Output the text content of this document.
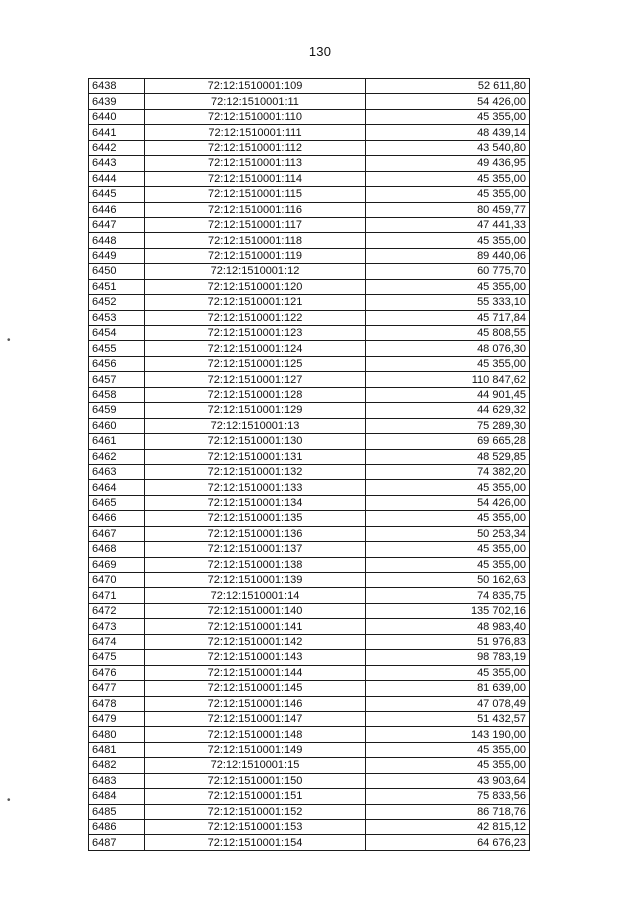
130
6438	72:12:1510001:109	52 611,80
6439	72:12:1510001:11	54 426,00
6440	72:12:1510001:110	45 355,00
6441	72:12:1510001:111	48 439,14
6442	72:12:1510001:112	43 540,80
6443	72:12:1510001:113	49 436,95
6444	72:12:1510001:114	45 355,00
6445	72:12:1510001:115	45 355,00
6446	72:12:1510001:116	80 459,77
6447	72:12:1510001:117	47 441,33
6448	72:12:1510001:118	45 355,00
6449	72:12:1510001:119	89 440,06
6450	72:12:1510001:12	60 775,70
6451	72:12:1510001:120	45 355,00
6452	72:12:1510001:121	55 333,10
6453	72:12:1510001:122	45 717,84
6454	72:12:1510001:123	45 808,55
6455	72:12:1510001:124	48 076,30
6456	72:12:1510001:125	45 355,00
6457	72:12:1510001:127	110 847,62
6458	72:12:1510001:128	44 901,45
6459	72:12:1510001:129	44 629,32
6460	72:12:1510001:13	75 289,30
6461	72:12:1510001:130	69 665,28
6462	72:12:1510001:131	48 529,85
6463	72:12:1510001:132	74 382,20
6464	72:12:1510001:133	45 355,00
6465	72:12:1510001:134	54 426,00
6466	72:12:1510001:135	45 355,00
6467	72:12:1510001:136	50 253,34
6468	72:12:1510001:137	45 355,00
6469	72:12:1510001:138	45 355,00
6470	72:12:1510001:139	50 162,63
6471	72:12:1510001:14	74 835,75
6472	72:12:1510001:140	135 702,16
6473	72:12:1510001:141	48 983,40
6474	72:12:1510001:142	51 976,83
6475	72:12:1510001:143	98 783,19
6476	72:12:1510001:144	45 355,00
6477	72:12:1510001:145	81 639,00
6478	72:12:1510001:146	47 078,49
6479	72:12:1510001:147	51 432,57
6480	72:12:1510001:148	143 190,00
6481	72:12:1510001:149	45 355,00
6482	72:12:1510001:15	45 355,00
6483	72:12:1510001:150	43 903,64
6484	72:12:1510001:151	75 833,56
6485	72:12:1510001:152	86 718,76
6486	72:12:1510001:153	42 815,12
6487	72:12:1510001:154	64 676,23
•
•
